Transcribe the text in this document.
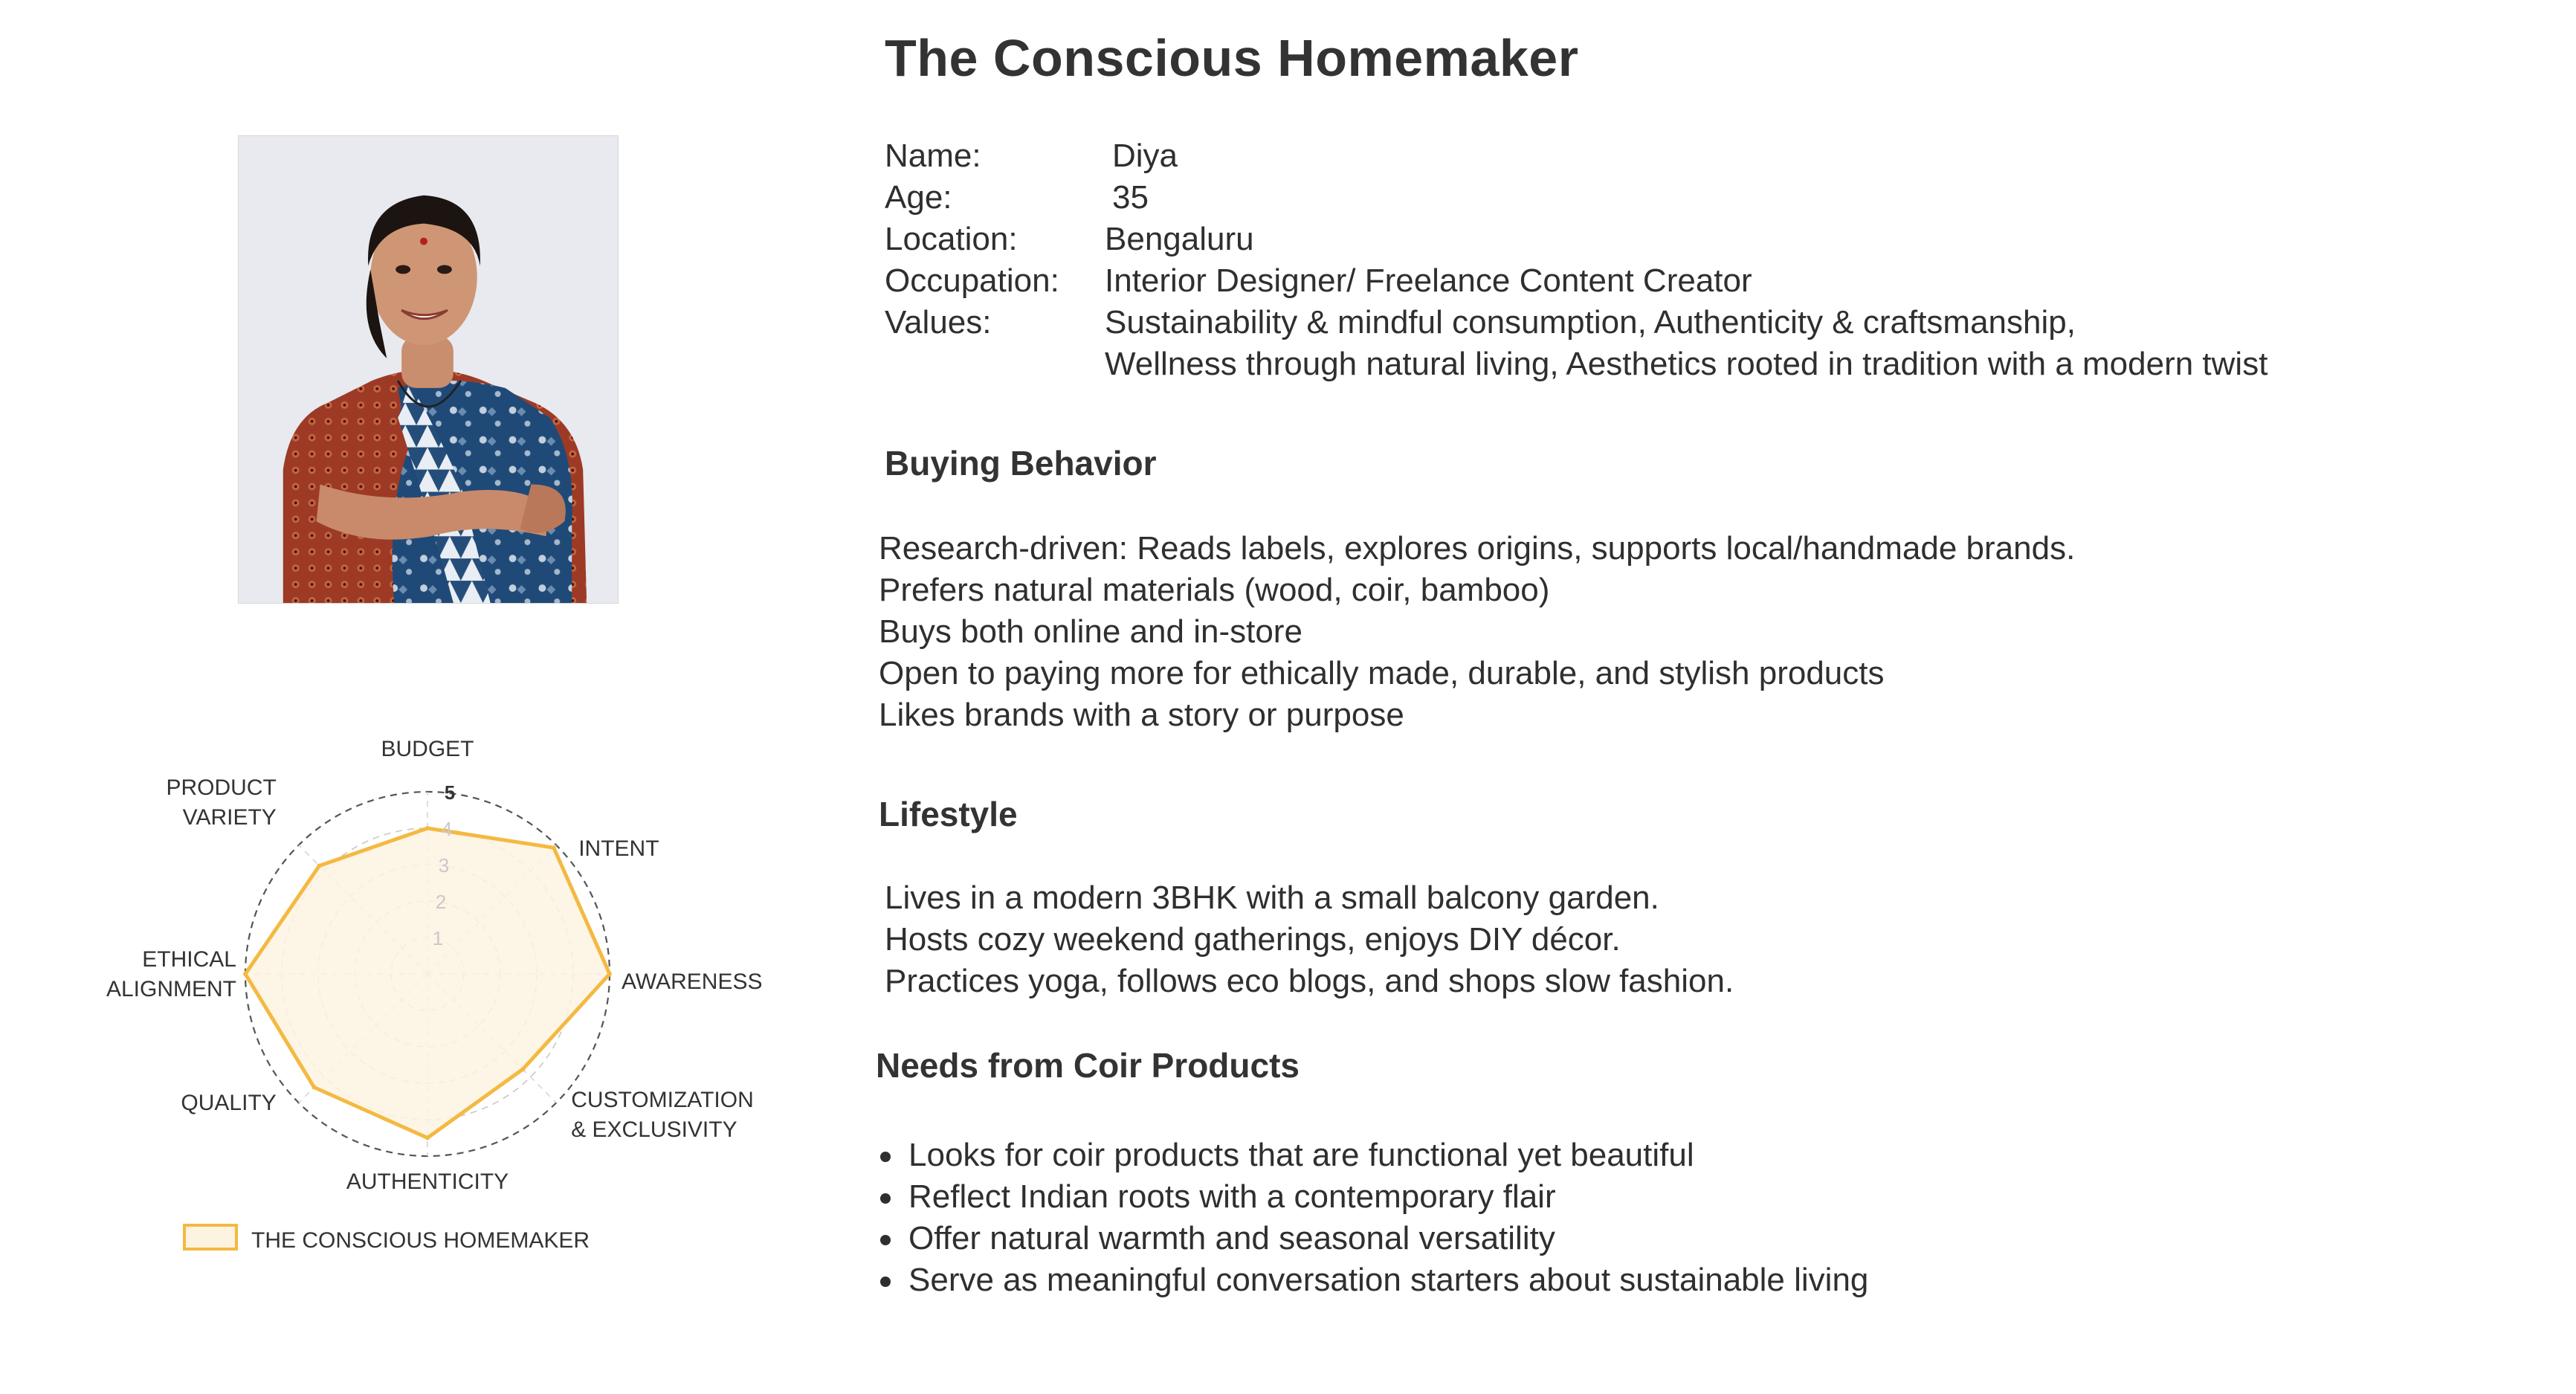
The Conscious Homemaker
Name:	Diya
Age:	35
Location:	Bengaluru
Occupation: Interior Designer/ Freelance Content Creator
Values:	Sustainability & mindful consumption, Authenticity & craftsmanship,
Wellness through natural living, Aesthetics rooted in tradition with a modern twist
Buying Behavior
Research-driven: Reads labels, explores origins, supports local/handmade brands.
Prefers natural materials (wood, coir, bamboo)
Buys both online and in-store
Open to paying more for ethically made, durable, and stylish products
Likes brands with a story or purpose
Lifestyle
Lives in a modern 3BHK with a small balcony garden.
Hosts cozy weekend gatherings, enjoys DIY décor.
Practices yoga, follows eco blogs, and shops slow fashion.
Needs from Coir Products
Looks for coir products that are functional yet beautiful
Reflect Indian roots with a contemporary flair
Offer natural warmth and seasonal versatility
Serve as meaningful conversation starters about sustainable living
1
2
3
4
5
BUDGET
INTENT
AWARENESS
CUSTOMIZATION & EXCLUSIVITY
AUTHENTICITY
QUALITY
ETHICAL ALIGNMENT
PRODUCT VARIETY
THE CONSCIOUS HOMEMAKER
